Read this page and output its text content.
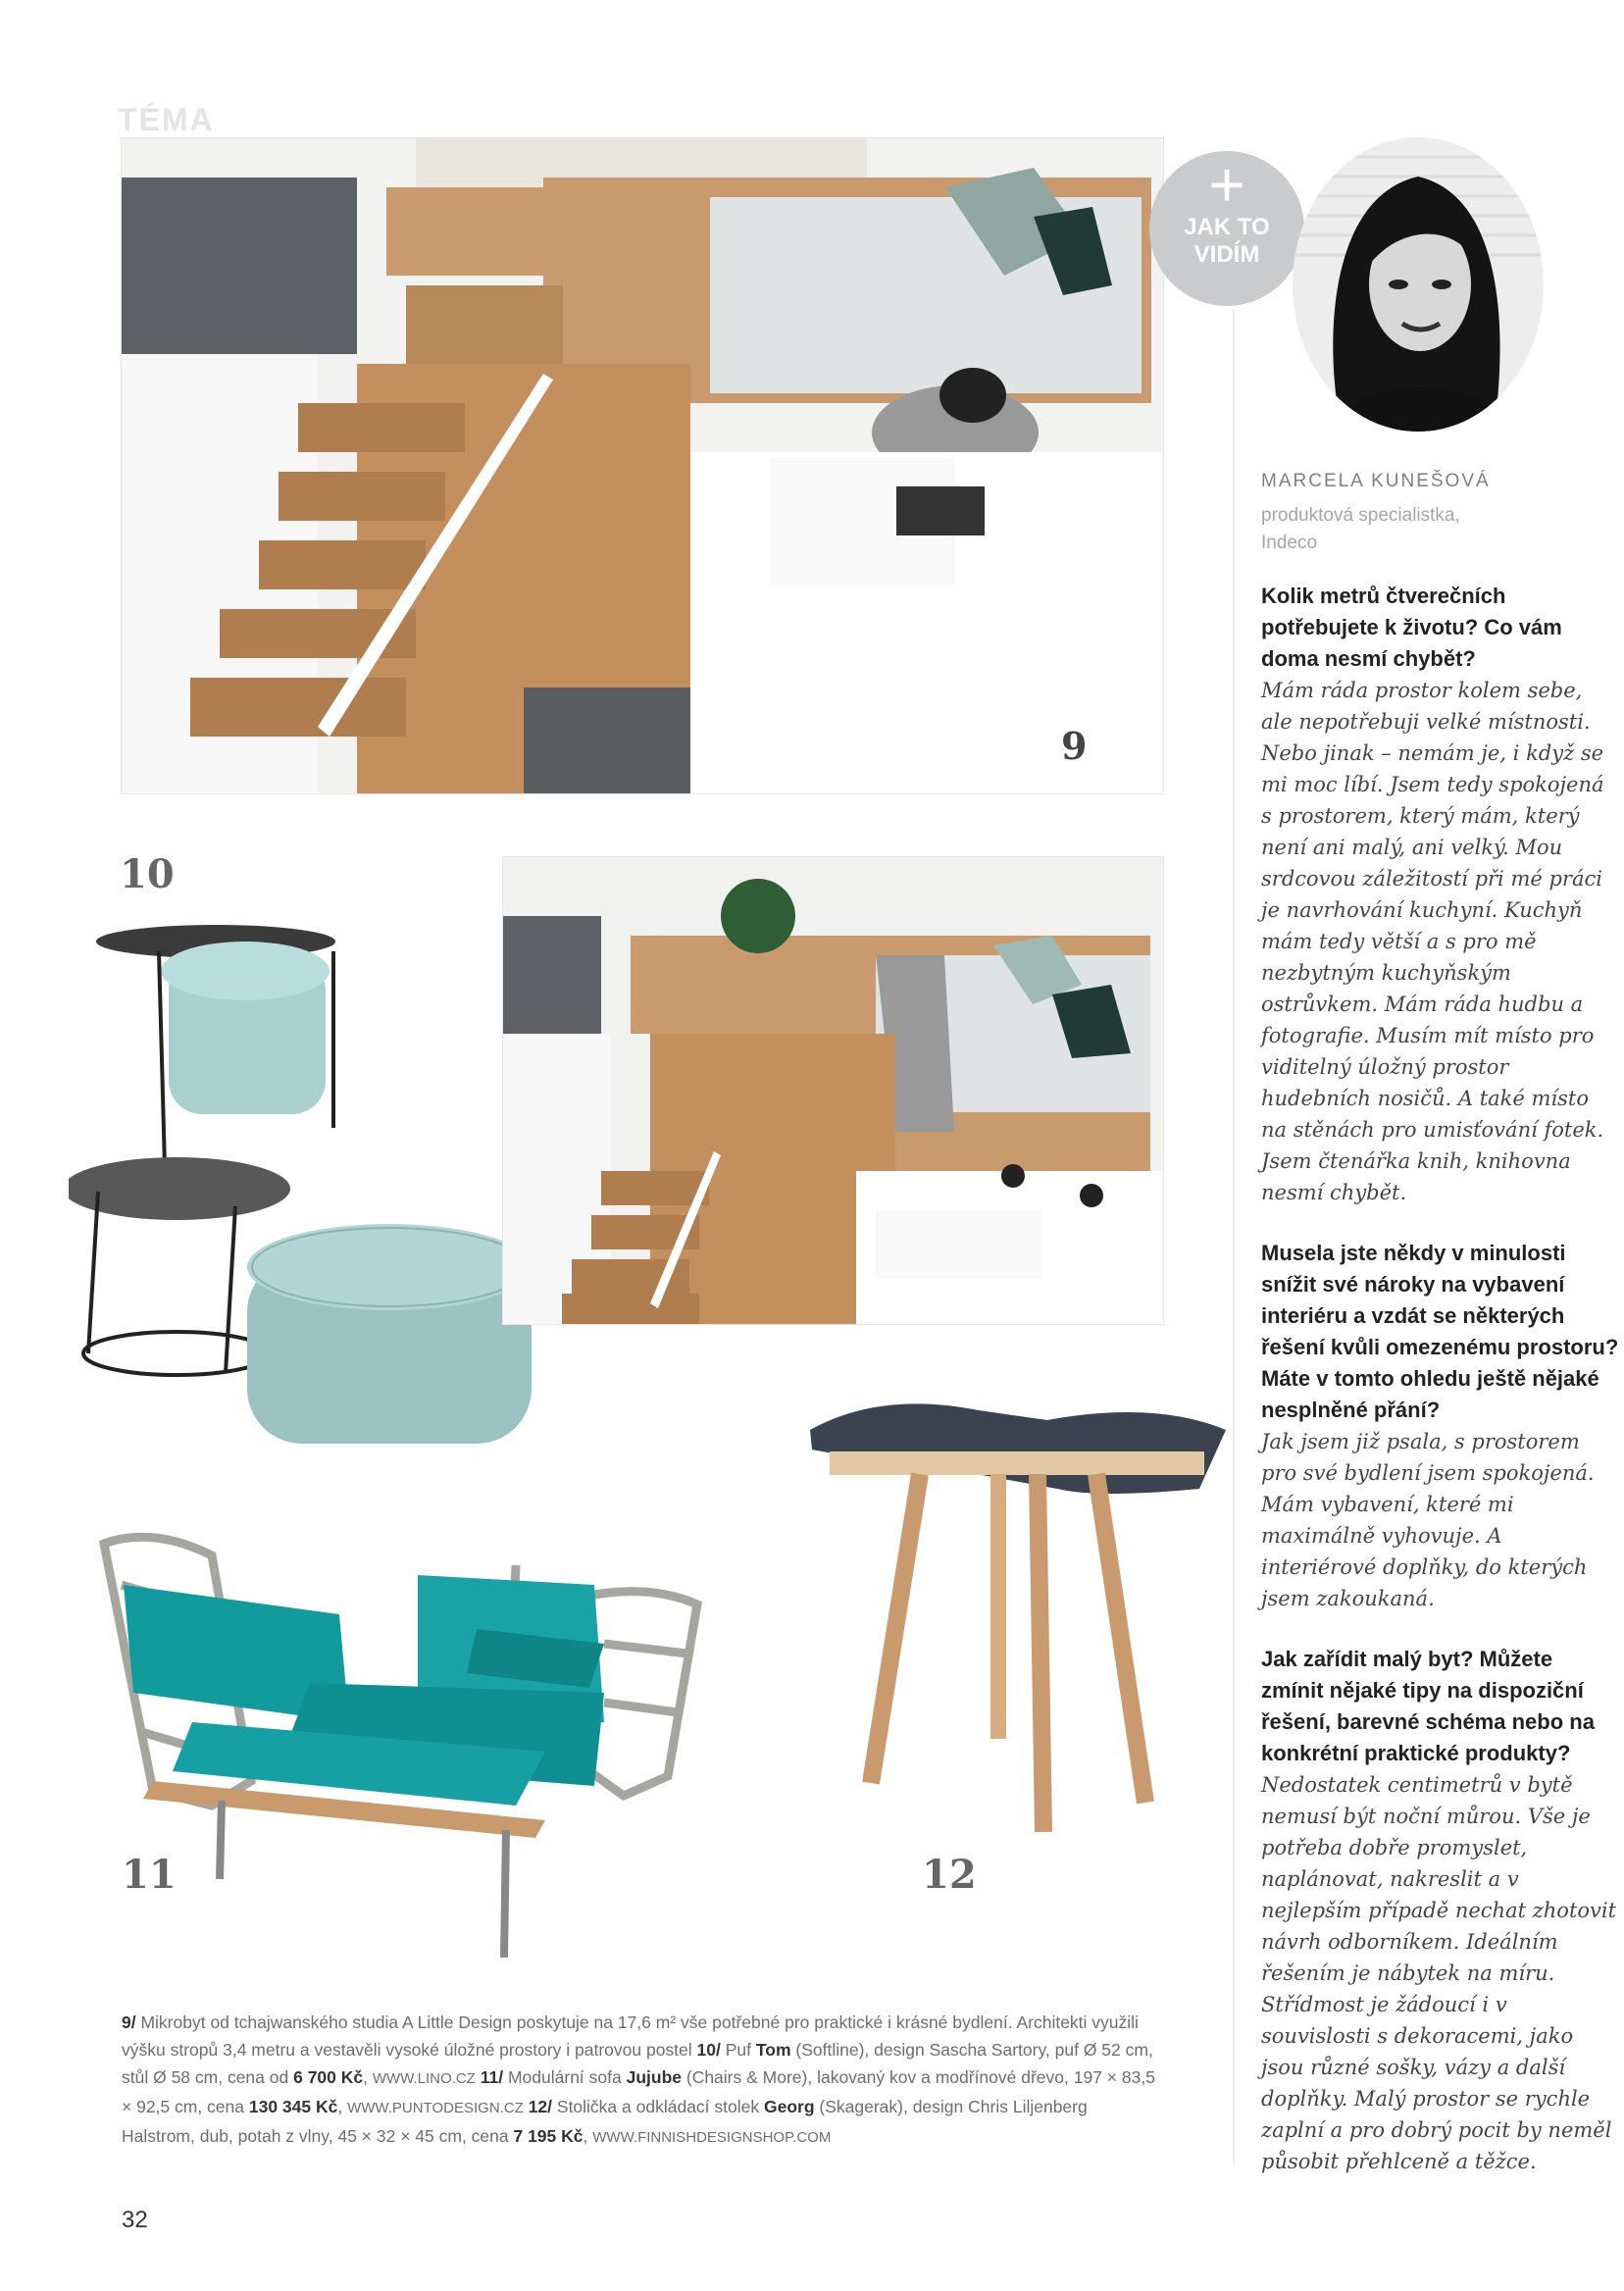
TÉMA
9
+
JAK TO
VIDÍM
MARCELA KUNEŠOVÁ
produktová specialistka,
Indeco
Kolik metrů čtverečních potřebujete k životu? Co vám doma nesmí chybět?
Mám ráda prostor kolem sebe, ale nepotřebuji velké místnosti. Nebo jinak – nemám je, i když se mi moc líbí. Jsem tedy spokojená s prostorem, který mám, který není ani malý, ani velký. Mou srdcovou záležitostí při mé práci je navrhování kuchyní. Kuchyň mám tedy větší a s pro mě nezbytným kuchyňským ostrůvkem. Mám ráda hudbu a fotografie. Musím mít místo pro viditelný úložný prostor hudebních nosičů. A také místo na stěnách pro umisťování fotek. Jsem čtenářka knih, knihovna nesmí chybět.
Musela jste někdy v minulosti snížit své nároky na vybavení interiéru a vzdát se některých řešení kvůli omezenému prostoru? Máte v tomto ohledu ještě nějaké nesplněné přání?
Jak jsem již psala, s prostorem pro své bydlení jsem spokojená. Mám vybavení, které mi maximálně vyhovuje. A interiérové doplňky, do kterých jsem zakoukaná.
Jak zařídit malý byt? Můžete zmínit nějaké tipy na dispoziční řešení, barevné schéma nebo na konkrétní praktické produkty?
Nedostatek centimetrů v bytě nemusí být noční můrou. Vše je potřeba dobře promyslet, naplánovat, nakreslit a v nejlepším případě nechat zhotovit návrh odborníkem. Ideálním řešením je nábytek na míru. Střídmost je žádoucí i v souvislosti s dekoracemi, jako jsou různé sošky, vázy a další doplňky. Malý prostor se rychle zaplní a pro dobrý pocit by neměl působit přehlceně a těžce.
10
11	12
9/ Mikrobyt od tchajwanského studia A Little Design poskytuje na 17,6 m² vše potřebné pro praktické i krásné bydlení. Architekti využili výšku stropů 3,4 metru a vestavěli vysoké úložné prostory i patrovou postel 10/ Puf Tom (Softline), design Sascha Sartory, puf Ø 52 cm, stůl Ø 58 cm, cena od 6 700 Kč, WWW.LINO.CZ 11/ Modulární sofa Jujube (Chairs & More), lakovaný kov a modřínové dřevo, 197 × 83,5 × 92,5 cm, cena 130 345 Kč, WWW.PUNTODESIGN.CZ 12/ Stolička a odkládací stolek Georg (Skagerak), design Chris Liljenberg Halstrom, dub, potah z vlny, 45 × 32 × 45 cm, cena 7 195 Kč, WWW.FINNISHDESIGNSHOP.COM
32
